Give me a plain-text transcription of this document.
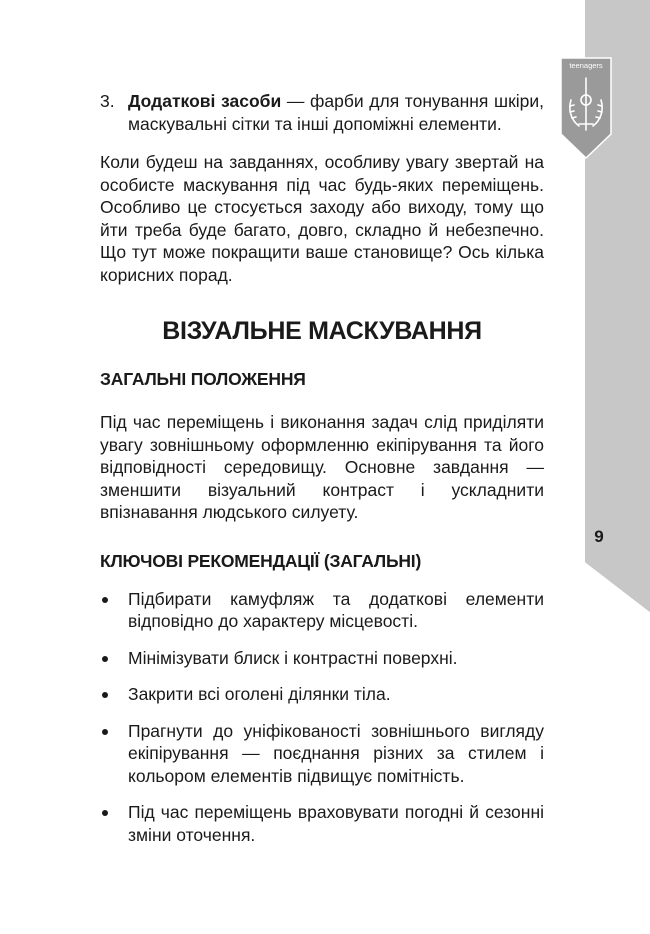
teenagers
9

3. Додаткові засоби — фарби для тонування шкіри, маскувальні сітки та інші допоміжні елементи.

Коли будеш на завданнях, особливу увагу звертай на особисте маскування під час будь-яких переміщень. Особливо це стосується заходу або виходу, тому що йти треба буде багато, довго, складно й небезпечно. Що тут може покращити ваше становище? Ось кілька корисних порад.

ВІЗУАЛЬНЕ МАСКУВАННЯ
ЗАГАЛЬНІ ПОЛОЖЕННЯ

Під час переміщень і виконання задач слід приділяти увагу зовнішньому оформленню екіпірування та його відповідності середовищу. Основне завдання — зменшити візуальний контраст і ускладнити впізнавання людського силуету.

КЛЮЧОВІ РЕКОМЕНДАЦІЇ (ЗАГАЛЬНІ)
Підбирати камуфляж та додаткові елементи відповідно до характеру місцевості.
Мінімізувати блиск і контрастні поверхні.
Закрити всі оголені ділянки тіла.
Прагнути до уніфікованості зовнішнього вигляду екіпірування — поєднання різних за стилем і кольором елементів підвищує помітність.
Під час переміщень враховувати погодні й сезонні зміни оточення.
